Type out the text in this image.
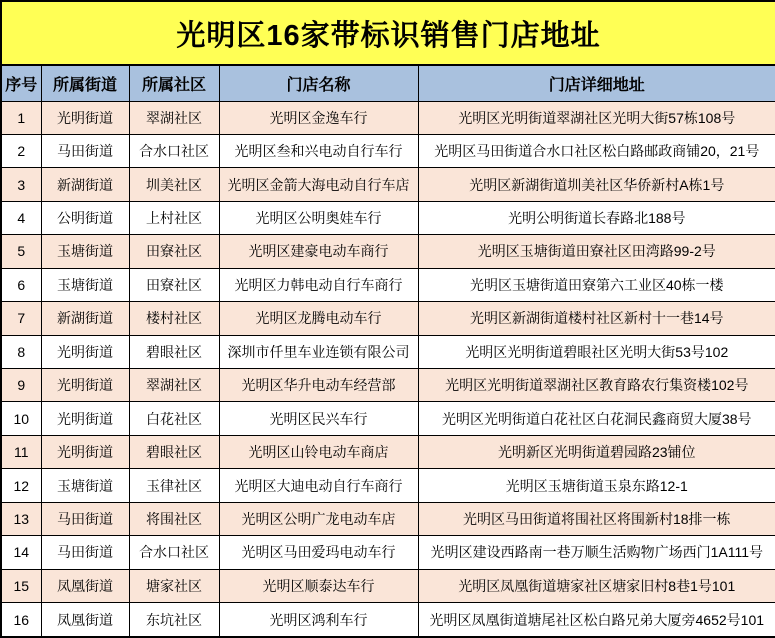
光明区16家带标识销售门店地址				
序号	所属街道	所属社区	门店名称	门店详细地址
1	光明街道	翠湖社区	光明区金逸车行	光明区光明街道翠湖社区光明大街57栋108号
2	马田街道	合水口社区	光明区叁和兴电动自行车行	光明区马田街道合水口社区松白路邮政商铺20，21号
3	新湖街道	圳美社区	光明区金箭大海电动自行车店	光明区新湖街道圳美社区华侨新村A栋1号
4	公明街道	上村社区	光明区公明奥娃车行	光明公明街道长春路北188号
5	玉塘街道	田寮社区	光明区建豪电动车商行	光明区玉塘街道田寮社区田湾路99-2号
6	玉塘街道	田寮社区	光明区力韩电动自行车商行	光明区玉塘街道田寮第六工业区40栋一楼
7	新湖街道	楼村社区	光明区龙腾电动车行	光明区新湖街道楼村社区新村十一巷14号
8	光明街道	碧眼社区	深圳市仟里车业连锁有限公司	光明区光明街道碧眼社区光明大街53号102
9	光明街道	翠湖社区	光明区华升电动车经营部	光明区光明街道翠湖社区教育路农行集资楼102号
10	光明街道	白花社区	光明区民兴车行	光明区光明街道白花社区白花洞民鑫商贸大厦38号
11	光明街道	碧眼社区	光明区山铃电动车商店	光明新区光明街道碧园路23铺位
12	玉塘街道	玉律社区	光明区大迪电动自行车商行	光明区玉塘街道玉泉东路12-1
13	马田街道	将围社区	光明区公明广龙电动车店	光明区马田街道将围社区将围新村18排一栋
14	马田街道	合水口社区	光明区马田爱玛电动车行	光明区建设西路南一巷万顺生活购物广场西门1A111号
15	凤凰街道	塘家社区	光明区顺泰达车行	光明区凤凰街道塘家社区塘家旧村8巷1号101
16	凤凰街道	东坑社区	光明区鸿利车行	光明区凤凰街道塘尾社区松白路兄弟大厦旁4652号101
